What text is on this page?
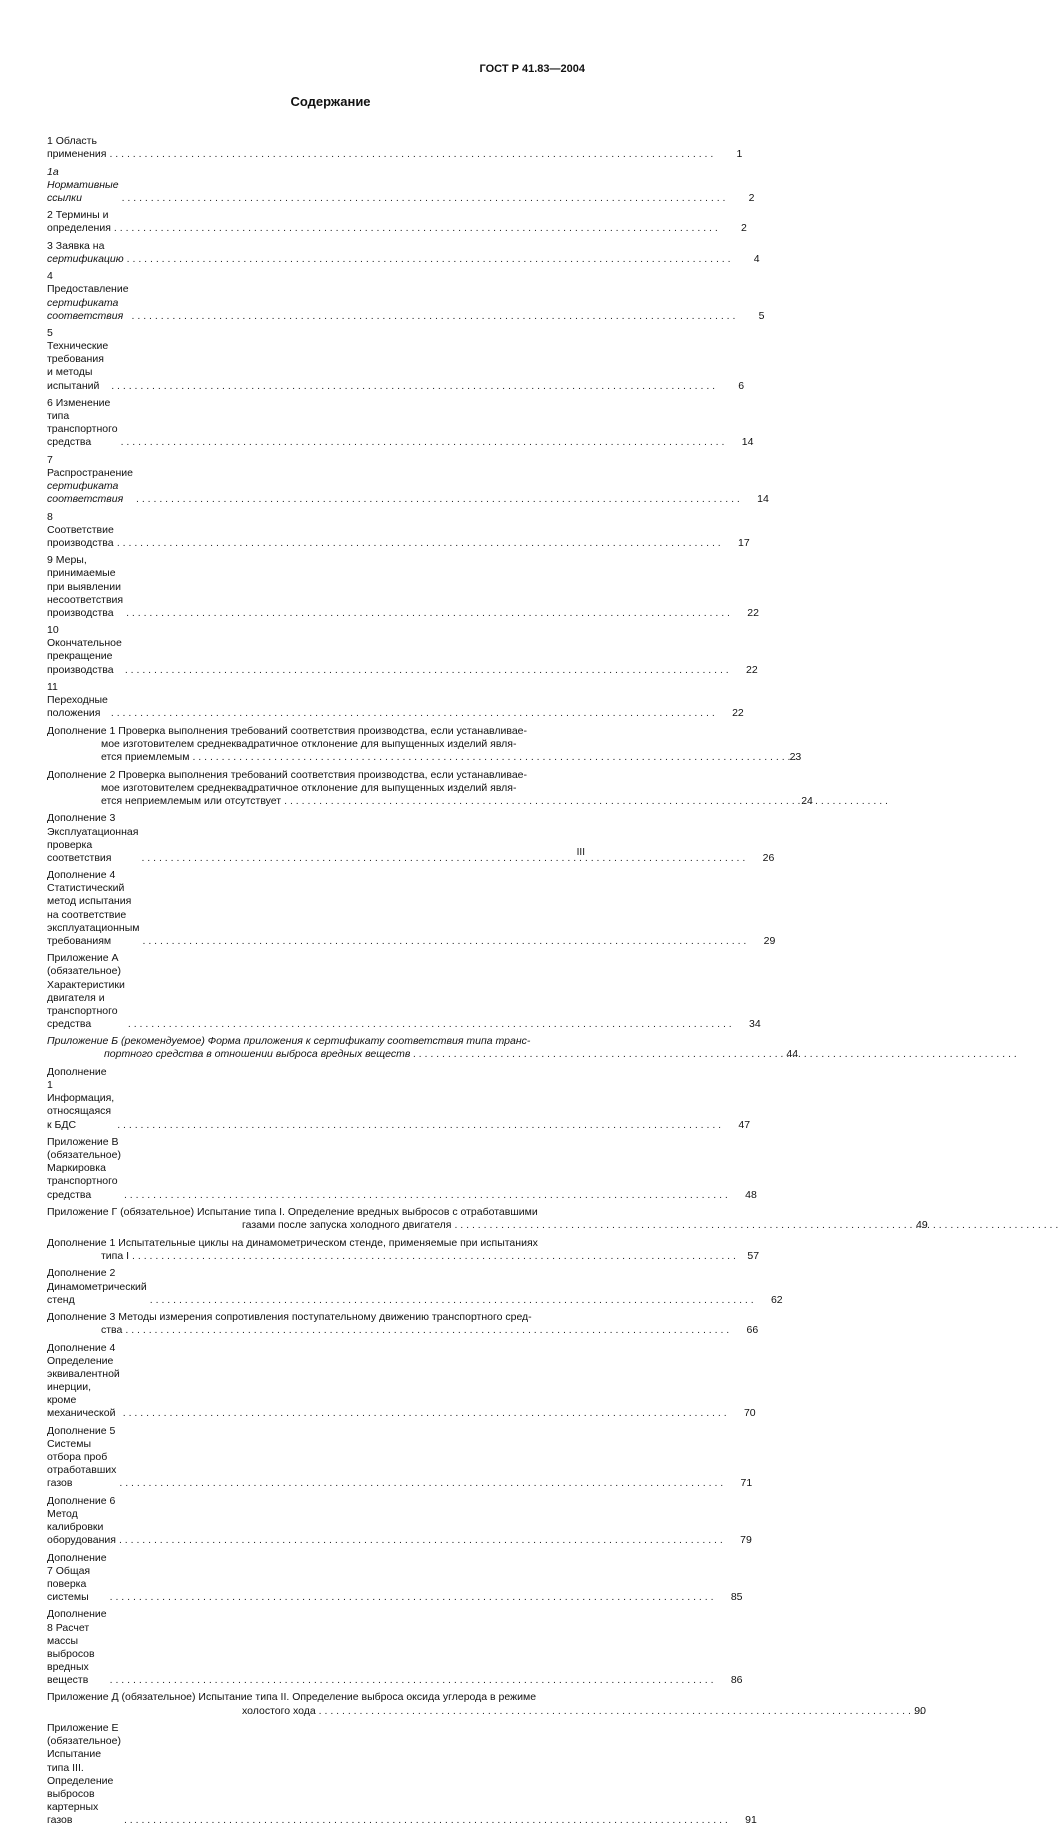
ГОСТ Р 41.83—2004
Содержание
1 Область применения . . .	1
1а Нормативные ссылки . . .	2
2 Термины и определения . . .	2
3 Заявка на сертификацию . . .	4
4 Предоставление сертификата соответствия . . .	5
5 Технические требования и методы испытаний . . .	6
6 Изменение типа транспортного средства . . .	14
7 Распространение сертификата соответствия . . .	14
8 Соответствие производства . . .	17
9 Меры, принимаемые при выявлении несоответствия производства . . .	22
10 Окончательное прекращение производства . . .	22
11 Переходные положения . . .	22
Дополнение 1 Проверка выполнения требований соответствия производства, если устанавливае-
мое изготовителем среднеквадратичное отклонение для выпущенных изделий явля-
ется приемлемым . . .	23
Дополнение 2 Проверка выполнения требований соответствия производства, если устанавливае-
мое изготовителем среднеквадратичное отклонение для выпущенных изделий явля-
ется неприемлемым или отсутствует . . .	24
Дополнение 3 Эксплуатационная проверка соответствия . . .	26
Дополнение 4 Статистический метод испытания на соответствие эксплуатационным требованиям . . .	29
Приложение А (обязательное) Характеристики двигателя и транспортного средства . . .	34
Приложение Б (рекомендуемое) Форма приложения к сертификату соответствия типа транс-
портного средства в отношении выброса вредных веществ . . .	44
Дополнение 1 Информация, относящаяся к БДС . . .	47
Приложение В (обязательное) Маркировка транспортного средства . . .	48
Приложение Г (обязательное) Испытание типа I. Определение вредных выбросов с отработавшими
газами после запуска холодного двигателя . . .	49
Дополнение 1 Испытательные циклы на динамометрическом стенде, применяемые при испытаниях
типа I . . .	57
Дополнение 2 Динамометрический стенд . . .	62
Дополнение 3 Методы измерения сопротивления поступательному движению транспортного сред-
ства . . .	66
Дополнение 4 Определение эквивалентной инерции, кроме механической . . .	70
Дополнение 5 Системы отбора проб отработавших газов . . .	71
Дополнение 6 Метод калибровки оборудования . . .	79
Дополнение 7 Общая поверка системы . . .	85
Дополнение 8 Расчет массы выбросов вредных веществ . . .	86
Приложение Д (обязательное) Испытание типа II. Определение выброса оксида углерода в режиме
холостого хода . . .	90
Приложение Е (обязательное) Испытание типа III. Определение выбросов картерных газов . . .	91
III
